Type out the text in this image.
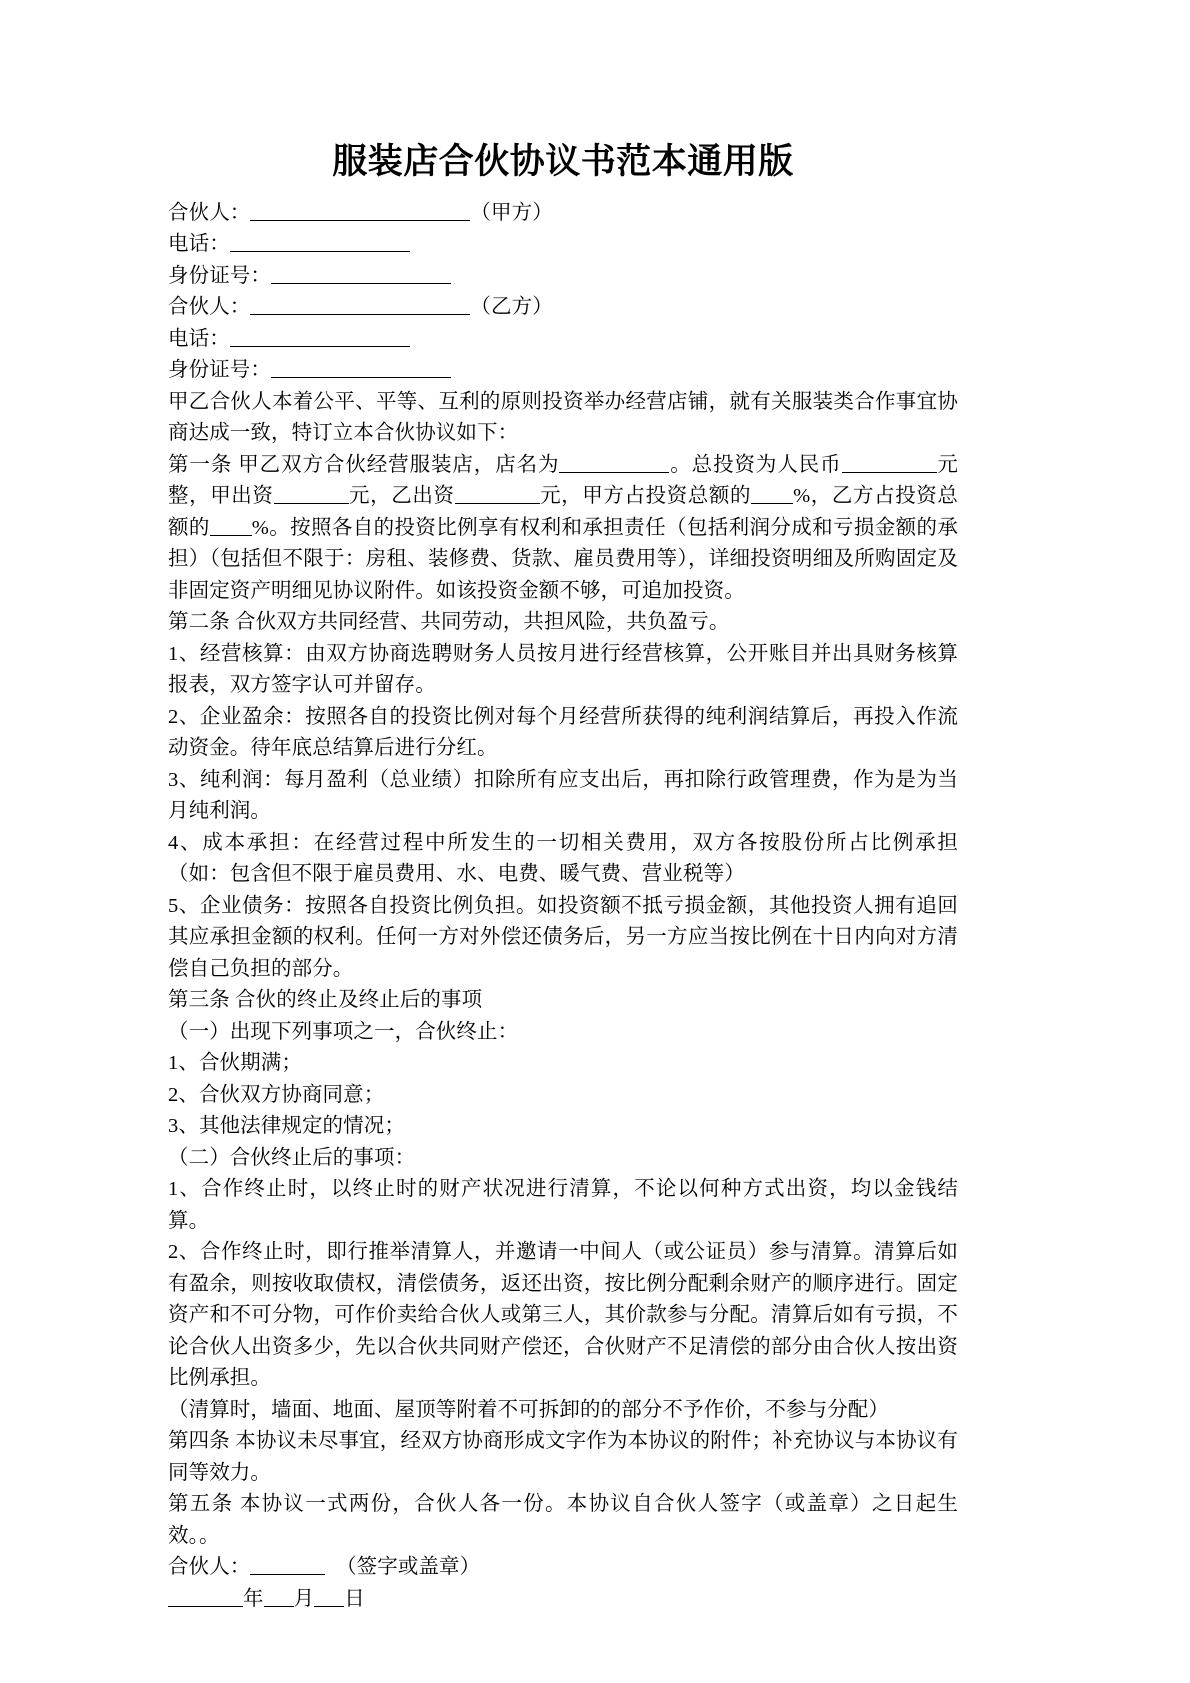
服装店合伙协议书范本通用版

合伙人：	（甲方）

电话：

身份证号：

合伙人：	（乙方）

电话：

身份证号：

甲乙合伙人本着公平、平等、互利的原则投资举办经营店铺，就有关服装类合作事宜协商达成一致，特订立本合伙协议如下：

第一条 甲乙双方合伙经营服装店，店名为	。总投资为人民币	元整，甲出资	元，乙出资	元，甲方占投资总额的 %，乙方占投资总额的 %。按照各自的投资比例享有权利和承担责任（包括利润分成和亏损金额的承担）（包括但不限于：房租、装修费、货款、雇员费用等），详细投资明细及所购固定及非固定资产明细见协议附件。如该投资金额不够，可追加投资。

第二条 合伙双方共同经营、共同劳动，共担风险，共负盈亏。

1、经营核算：由双方协商选聘财务人员按月进行经营核算，公开账目并出具财务核算报表，双方签字认可并留存。

2、企业盈余：按照各自的投资比例对每个月经营所获得的纯利润结算后，再投入作流动资金。待年底总结算后进行分红。

3、纯利润：每月盈利（总业绩）扣除所有应支出后，再扣除行政管理费，作为是为当月纯利润。

4、成本承担：在经营过程中所发生的一切相关费用，双方各按股份所占比例承担（如：包含但不限于雇员费用、水、电费、暖气费、营业税等）

5、企业债务：按照各自投资比例负担。如投资额不抵亏损金额，其他投资人拥有追回其应承担金额的权利。任何一方对外偿还债务后，另一方应当按比例在十日内向对方清偿自己负担的部分。

第三条 合伙的终止及终止后的事项

（一）出现下列事项之一，合伙终止：

1、合伙期满；

2、合伙双方协商同意；

3、其他法律规定的情况；

（二）合伙终止后的事项：

1、合作终止时，以终止时的财产状况进行清算，不论以何种方式出资，均以金钱结算。

2、合作终止时，即行推举清算人，并邀请一中间人（或公证员）参与清算。清算后如有盈余，则按收取债权，清偿债务，返还出资，按比例分配剩余财产的顺序进行。固定资产和不可分物，可作价卖给合伙人或第三人，其价款参与分配。清算后如有亏损，不论合伙人出资多少，先以合伙共同财产偿还，合伙财产不足清偿的部分由合伙人按出资比例承担。

（清算时，墙面、地面、屋顶等附着不可拆卸的的部分不予作价，不参与分配）

第四条 本协议未尽事宜，经双方协商形成文字作为本协议的附件；补充协议与本协议有同等效力。

第五条 本协议一式两份，合伙人各一份。本协议自合伙人签字（或盖章）之日起生效。。

合伙人：	（签字或盖章）

年 月 日
